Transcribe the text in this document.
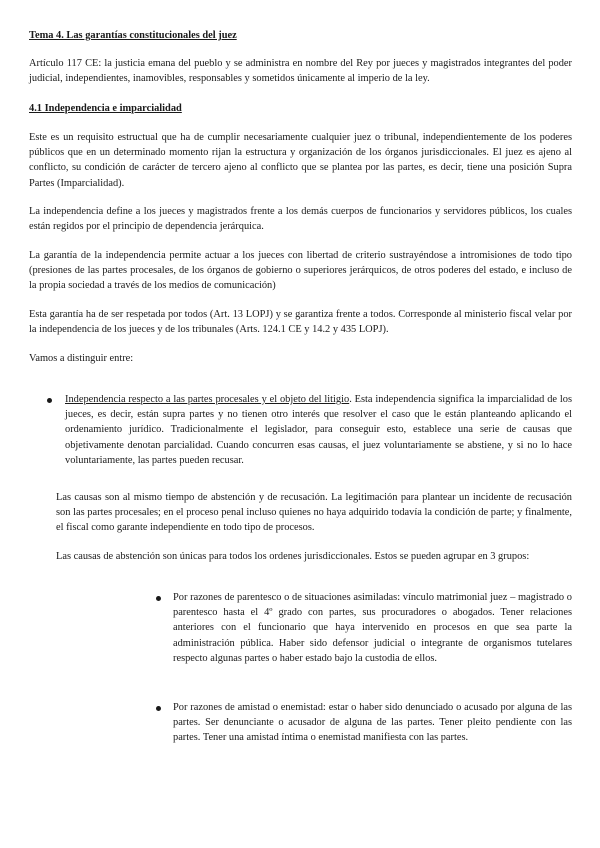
Tema 4. Las garantías constitucionales del juez

Artículo 117 CE: la justicia emana del pueblo y se administra en nombre del Rey por jueces y magistrados integrantes del poder judicial, independientes, inamovibles, responsables y sometidos únicamente al imperio de la ley.

4.1 Independencia e imparcialidad

Este es un requisito estructual que ha de cumplir necesariamente cualquier juez o tribunal, independientemente de los poderes públicos que en un determinado momento rijan la estructura y organización de los órganos jurisdiccionales. El juez es ajeno al conflicto, su condición de carácter de tercero ajeno al conflicto que se plantea por las partes, es decir, tiene una posición Supra Partes (Imparcialidad).

La independencia define a los jueces y magistrados frente a los demás cuerpos de funcionarios y servidores públicos, los cuales están regidos por el principio de dependencia jerárquica.

La garantía de la independencia permite actuar a los jueces con libertad de criterio sustrayéndose a intromisiones de todo tipo (presiones de las partes procesales, de los órganos de gobierno o superiores jerárquicos, de otros poderes del estado, e incluso de la propia sociedad a través de los medios de comunicación)

Esta garantía ha de ser respetada por todos (Art. 13 LOPJ) y se garantiza frente a todos. Corresponde al ministerio fiscal velar por la independencia de los jueces y de los tribunales (Arts. 124.1 CE y 14.2 y 435 LOPJ).

Vamos a distinguir entre:

Independencia respecto a las partes procesales y el objeto del litigio. Esta independencia significa la imparcialidad de los jueces, es decir, están supra partes y no tienen otro interés que resolver el caso que le están planteando aplicando el ordenamiento jurídico. Tradicionalmente el legislador, para conseguir esto, establece una serie de causas que objetivamente denotan parcialidad. Cuando concurren esas causas, el juez voluntariamente se abstiene, y si no lo hace voluntariamente, las partes pueden recusar.

Las causas son al mismo tiempo de abstención y de recusación. La legitimación para plantear un incidente de recusación son las partes procesales; en el proceso penal incluso quienes no haya adquirido todavía la condición de parte; y finalmente, el fiscal como garante independiente en todo tipo de procesos.

Las causas de abstención son únicas para todos los ordenes jurisdiccionales. Estos se pueden agrupar en 3 grupos:

Por razones de parentesco o de situaciones asimiladas: vínculo matrimonial juez – magistrado o parentesco hasta el 4º grado con partes, sus procuradores o abogados. Tener relaciones anteriores con el funcionario que haya intervenido en procesos en que sea parte la administración pública. Haber sido defensor judicial o integrante de organismos tutelares respecto algunas partes o haber estado bajo la custodia de ellos.

Por razones de amistad o enemistad: estar o haber sido denunciado o acusado por alguna de las partes. Ser denunciante o acusador de alguna de las partes. Tener pleito pendiente con las partes. Tener una amistad íntima o enemistad manifiesta con las partes.
